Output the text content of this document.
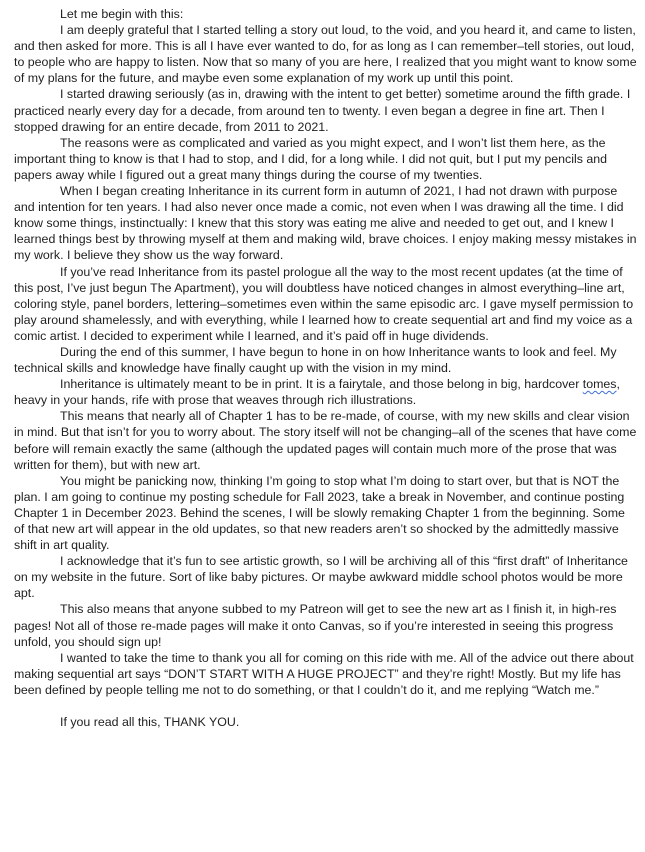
Let me begin with this:

I am deeply grateful that I started telling a story out loud, to the void, and you heard it, and came to listen, and then asked for more. This is all I have ever wanted to do, for as long as I can remember–tell stories, out loud, to people who are happy to listen. Now that so many of you are here, I realized that you might want to know some of my plans for the future, and maybe even some explanation of my work up until this point.

I started drawing seriously (as in, drawing with the intent to get better) sometime around the fifth grade. I practiced nearly every day for a decade, from around ten to twenty. I even began a degree in fine art. Then I stopped drawing for an entire decade, from 2011 to 2021.

The reasons were as complicated and varied as you might expect, and I won’t list them here, as the important thing to know is that I had to stop, and I did, for a long while. I did not quit, but I put my pencils and papers away while I figured out a great many things during the course of my twenties.

When I began creating Inheritance in its current form in autumn of 2021, I had not drawn with purpose and intention for ten years. I had also never once made a comic, not even when I was drawing all the time. I did know some things, instinctually: I knew that this story was eating me alive and needed to get out, and I knew I learned things best by throwing myself at them and making wild, brave choices. I enjoy making messy mistakes in my work. I believe they show us the way forward.

If you’ve read Inheritance from its pastel prologue all the way to the most recent updates (at the time of this post, I’ve just begun The Apartment), you will doubtless have noticed changes in almost everything–line art, coloring style, panel borders, lettering–sometimes even within the same episodic arc. I gave myself permission to play around shamelessly, and with everything, while I learned how to create sequential art and find my voice as a comic artist. I decided to experiment while I learned, and it’s paid off in huge dividends.

During the end of this summer, I have begun to hone in on how Inheritance wants to look and feel. My technical skills and knowledge have finally caught up with the vision in my mind.

Inheritance is ultimately meant to be in print. It is a fairytale, and those belong in big, hardcover tomes, heavy in your hands, rife with prose that weaves through rich illustrations.

This means that nearly all of Chapter 1 has to be re-made, of course, with my new skills and clear vision in mind. But that isn’t for you to worry about. The story itself will not be changing–all of the scenes that have come before will remain exactly the same (although the updated pages will contain much more of the prose that was written for them), but with new art.

You might be panicking now, thinking I’m going to stop what I’m doing to start over, but that is NOT the plan. I am going to continue my posting schedule for Fall 2023, take a break in November, and continue posting Chapter 1 in December 2023. Behind the scenes, I will be slowly remaking Chapter 1 from the beginning. Some of that new art will appear in the old updates, so that new readers aren’t so shocked by the admittedly massive shift in art quality.

I acknowledge that it’s fun to see artistic growth, so I will be archiving all of this “first draft” of Inheritance on my website in the future. Sort of like baby pictures. Or maybe awkward middle school photos would be more apt.

This also means that anyone subbed to my Patreon will get to see the new art as I finish it, in high-res pages! Not all of those re-made pages will make it onto Canvas, so if you’re interested in seeing this progress unfold, you should sign up!

I wanted to take the time to thank you all for coming on this ride with me. All of the advice out there about making sequential art says “DON’T START WITH A HUGE PROJECT” and they’re right! Mostly. But my life has been defined by people telling me not to do something, or that I couldn’t do it, and me replying “Watch me.”

If you read all this, THANK YOU.
